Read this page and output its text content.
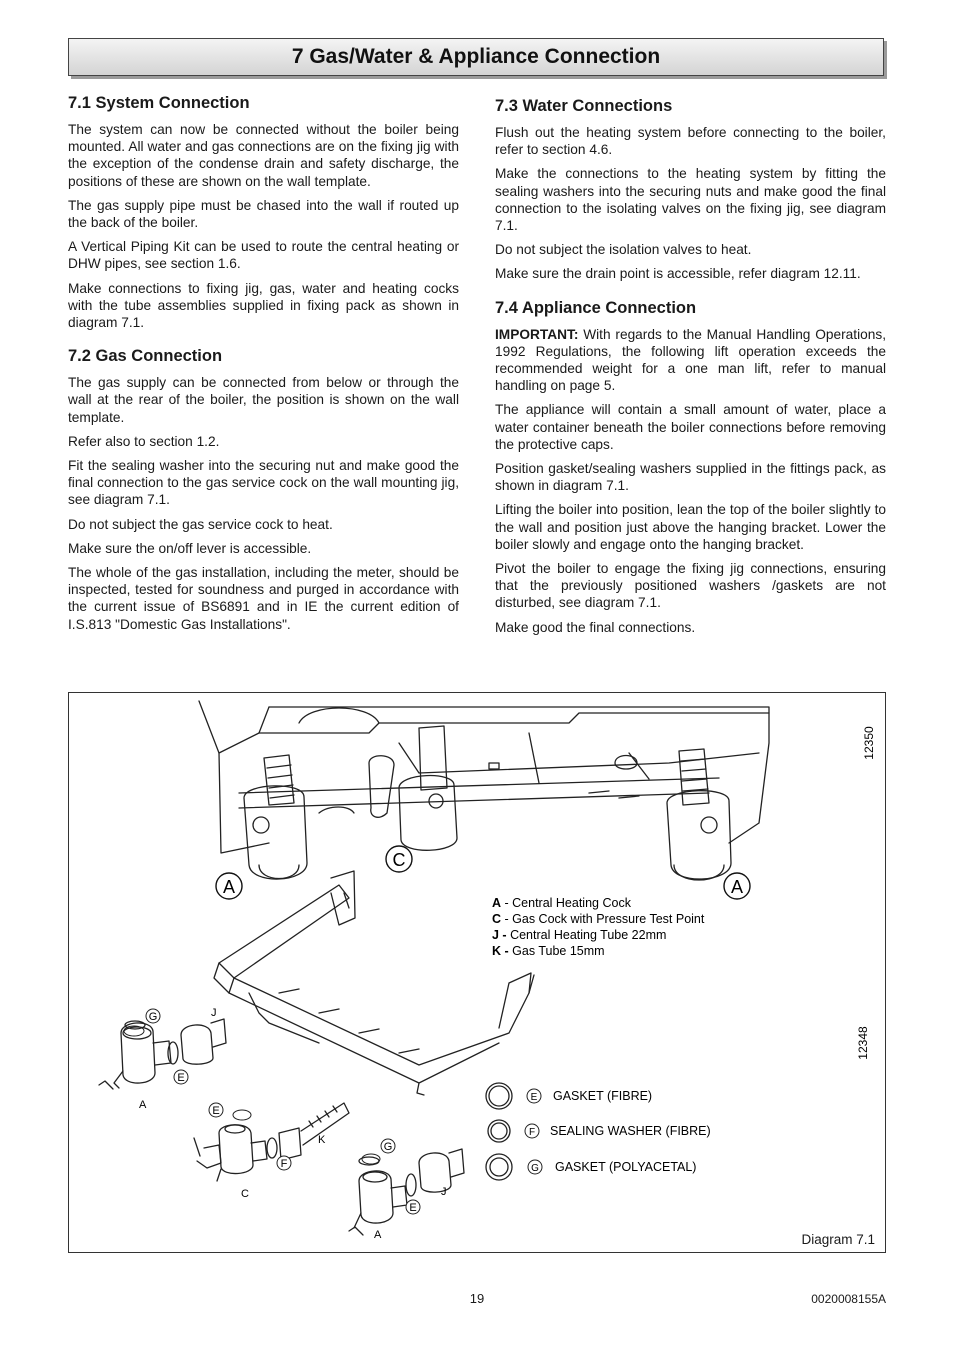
7 Gas/Water & Appliance Connection
7.1 System Connection

The system can now be connected without the boiler being mounted. All water and gas connections are on the fixing jig with the exception of the condense drain and safety discharge, the positions of these are shown on the wall template.

The gas supply pipe must be chased into the wall if routed up the back of the boiler.

A Vertical Piping Kit can be used to route the central heating or DHW pipes, see section 1.6.

Make connections to fixing jig, gas, water and heating cocks with the tube assemblies supplied in fixing pack as shown in diagram 7.1.

7.2 Gas Connection

The gas supply can be connected from below or through the wall at the rear of the boiler, the position is shown on the wall template.

Refer also to section 1.2.

Fit the sealing washer into the securing nut and make good the final connection to the gas service cock on the wall mounting jig, see diagram 7.1.

Do not subject the gas service cock to heat.

Make sure the on/off lever is accessible.

The whole of the gas installation, including the meter, should be inspected, tested for soundness and purged in accordance with the current issue of BS6891 and in IE the current edition of I.S.813 "Domestic Gas Installations".

7.3 Water Connections

Flush out the heating system before connecting to the boiler, refer to section 4.6.

Make the connections to the heating system by fitting the sealing washers into the securing nuts and make good the final connection to the isolating valves on the fixing jig, see diagram 7.1.

Do not subject the isolation valves to heat.

Make sure the drain point is accessible, refer diagram 12.11.

7.4 Appliance Connection

IMPORTANT: With regards to the Manual Handling Operations, 1992 Regulations, the following lift operation exceeds the recommended weight for a one man lift, refer to manual handling on page 5.

The appliance will contain a small amount of water, place a water container beneath the boiler connections before removing the protective caps.

Position gasket/sealing washers supplied in the fittings pack, as shown in diagram 7.1.

Lifting the boiler into position, lean the top of the boiler slightly to the wall and position just above the hanging bracket. Lower the boiler slowly and engage onto the hanging bracket.

Pivot the boiler to engage the fixing jig connections, ensuring that the previously positioned washers /gaskets are not disturbed, see diagram 7.1.

Make good the final connections.

A
C
A
12350
12348
A - Central Heating Cock
C - Gas Cock with Pressure Test Point
J - Central Heating Tube 22mm
K - Gas Tube 15mm
E GASKET (FIBRE)
F SEALING WASHER (FIBRE)
G GASKET (POLYACETAL)
G	J
E
A	E
K
F
C
G
J
E
A	Diagram 7.1
19	0020008155A
